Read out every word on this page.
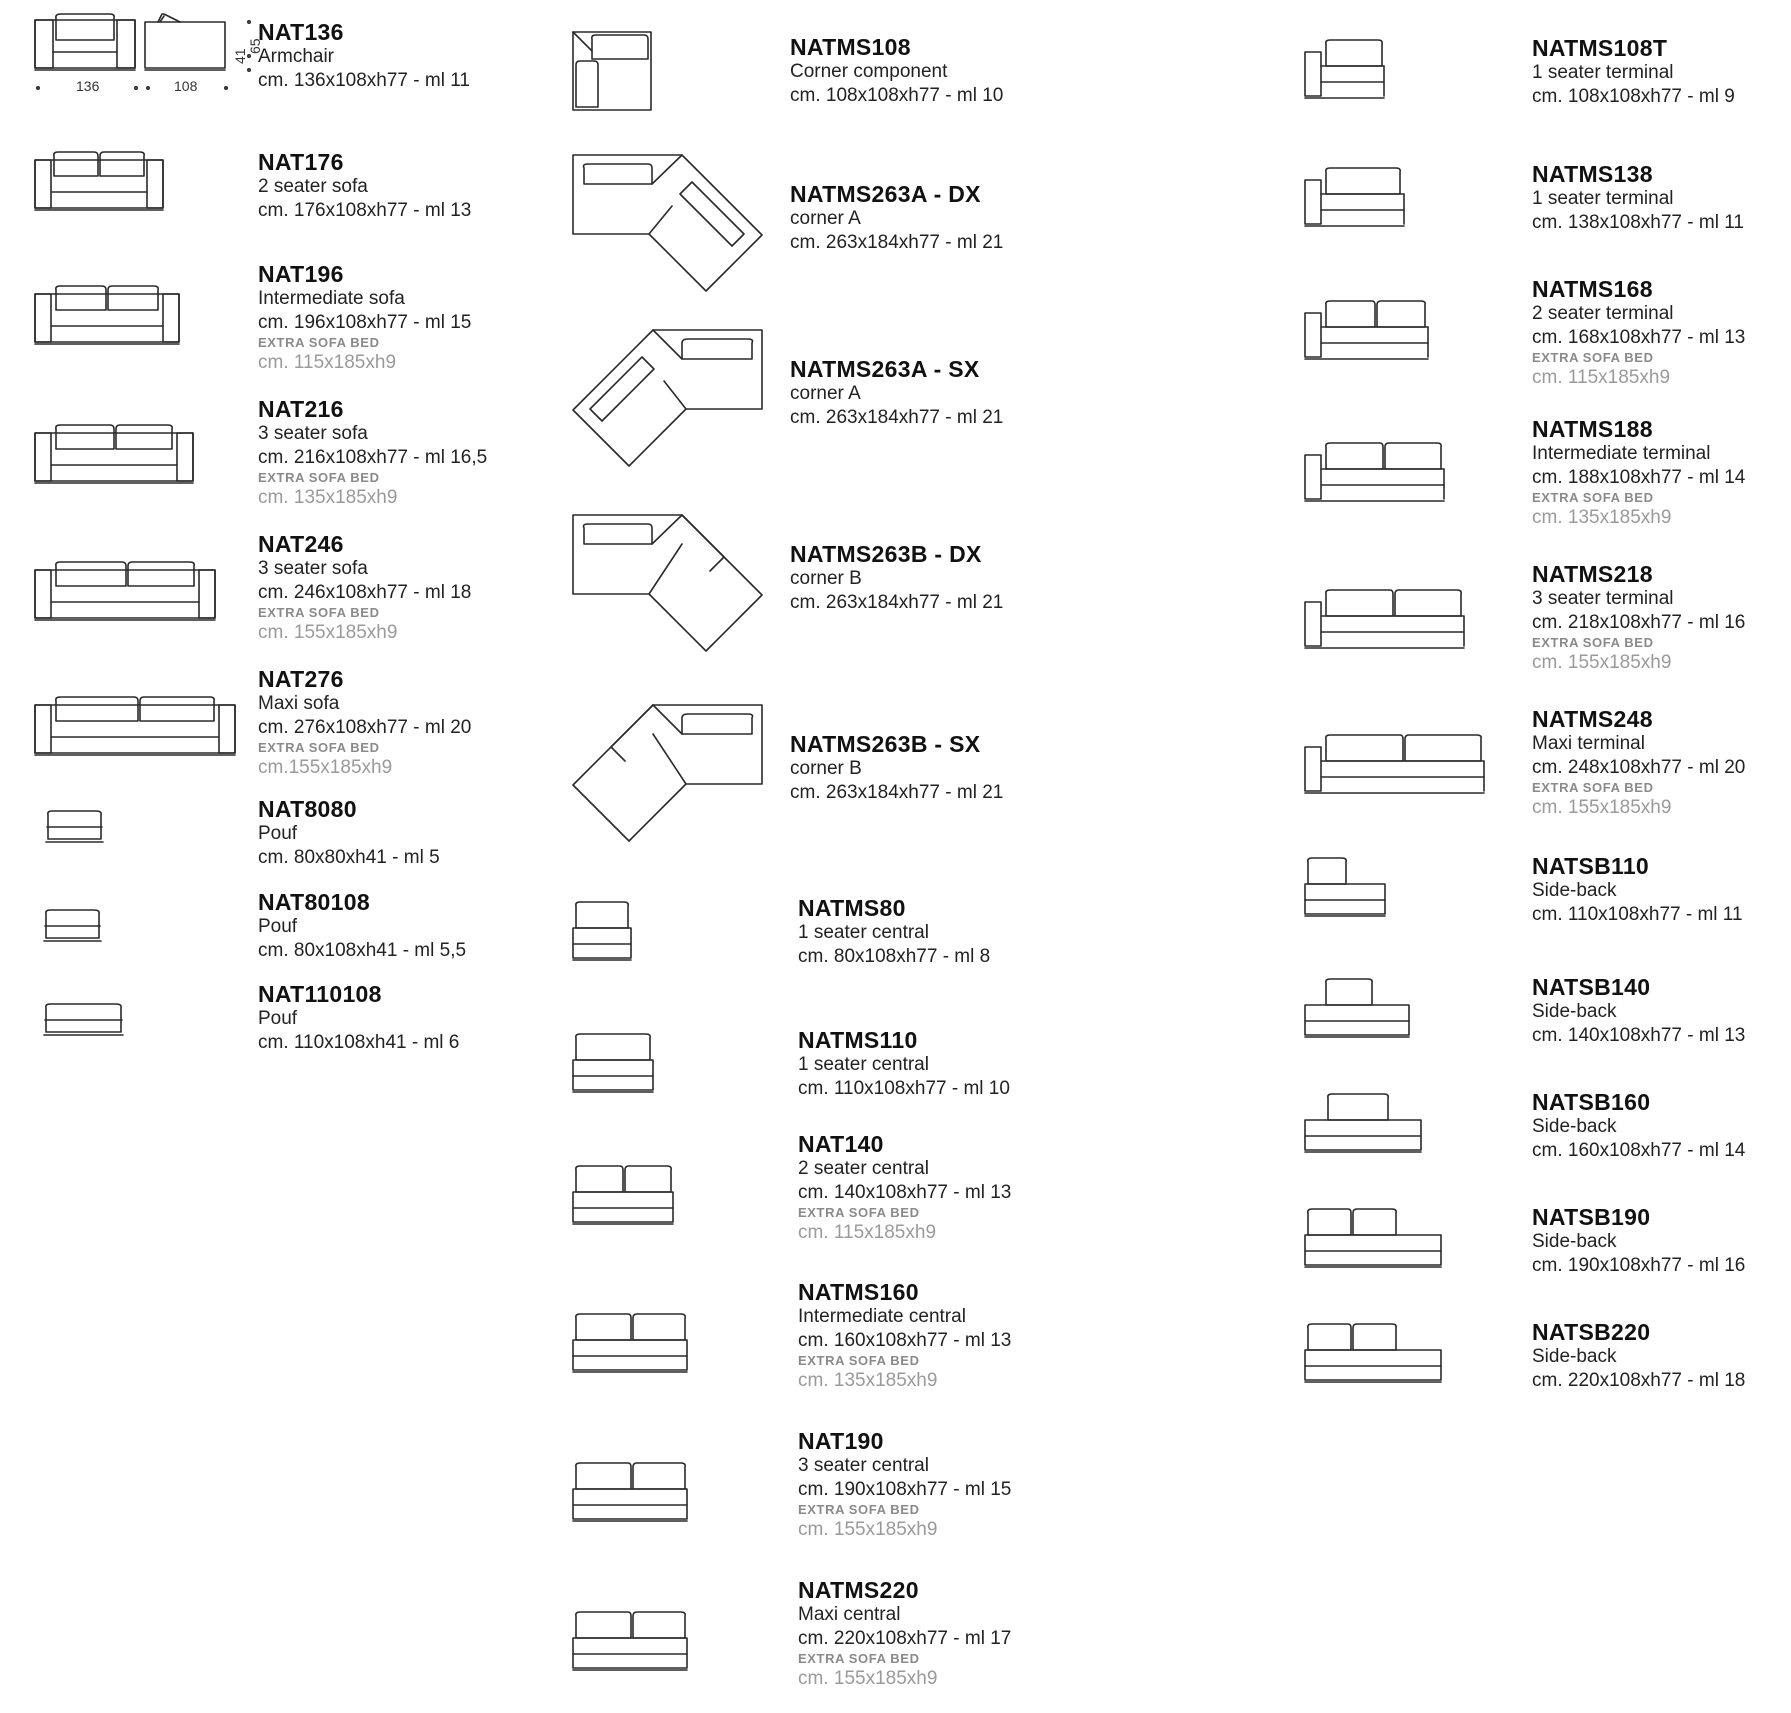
136	108
41
65
NAT136
Armchair
cm. 136x108xh77 - ml 11
NAT176
2 seater sofa
cm. 176x108xh77 - ml 13
NAT196
Intermediate sofa
cm. 196x108xh77 - ml 15
EXTRA SOFA BED
cm. 115x185xh9
NAT216
3 seater sofa
cm. 216x108xh77 - ml 16,5
EXTRA SOFA BED
cm. 135x185xh9
NAT246
3 seater sofa
cm. 246x108xh77 - ml 18
EXTRA SOFA BED
cm. 155x185xh9
NAT276
Maxi sofa
cm. 276x108xh77 - ml 20
EXTRA SOFA BED
cm.155x185xh9
NAT8080
Pouf
cm. 80x80xh41 - ml 5
NAT80108
Pouf
cm. 80x108xh41 - ml 5,5
NAT110108
Pouf
cm. 110x108xh41 - ml 6
NATMS108
Corner component
cm. 108x108xh77 - ml 10
NATMS263A - DX
corner A
cm. 263x184xh77 - ml 21
NATMS263A - SX
corner A
cm. 263x184xh77 - ml 21
NATMS263B - DX
corner B
cm. 263x184xh77 - ml 21
NATMS263B - SX
corner B
cm. 263x184xh77 - ml 21
NATMS80
1 seater central
cm. 80x108xh77 - ml 8
NATMS110
1 seater central
cm. 110x108xh77 - ml 10
NAT140
2 seater central
cm. 140x108xh77 - ml 13
EXTRA SOFA BED
cm. 115x185xh9
NATMS160
Intermediate central
cm. 160x108xh77 - ml 13
EXTRA SOFA BED
cm. 135x185xh9
NAT190
3 seater central
cm. 190x108xh77 - ml 15
EXTRA SOFA BED
cm. 155x185xh9
NATMS220
Maxi central
cm. 220x108xh77 - ml 17
EXTRA SOFA BED
cm. 155x185xh9
NATMS108T
1 seater terminal
cm. 108x108xh77 - ml 9
NATMS138
1 seater terminal
cm. 138x108xh77 - ml 11
NATMS168
2 seater terminal
cm. 168x108xh77 - ml 13
EXTRA SOFA BED
cm. 115x185xh9
NATMS188
Intermediate terminal
cm. 188x108xh77 - ml 14
EXTRA SOFA BED
cm. 135x185xh9
NATMS218
3 seater terminal
cm. 218x108xh77 - ml 16
EXTRA SOFA BED
cm. 155x185xh9
NATMS248
Maxi terminal
cm. 248x108xh77 - ml 20
EXTRA SOFA BED
cm. 155x185xh9
NATSB110
Side-back
cm. 110x108xh77 - ml 11
NATSB140
Side-back
cm. 140x108xh77 - ml 13
NATSB160
Side-back
cm. 160x108xh77 - ml 14
NATSB190
Side-back
cm. 190x108xh77 - ml 16
NATSB220
Side-back
cm. 220x108xh77 - ml 18
